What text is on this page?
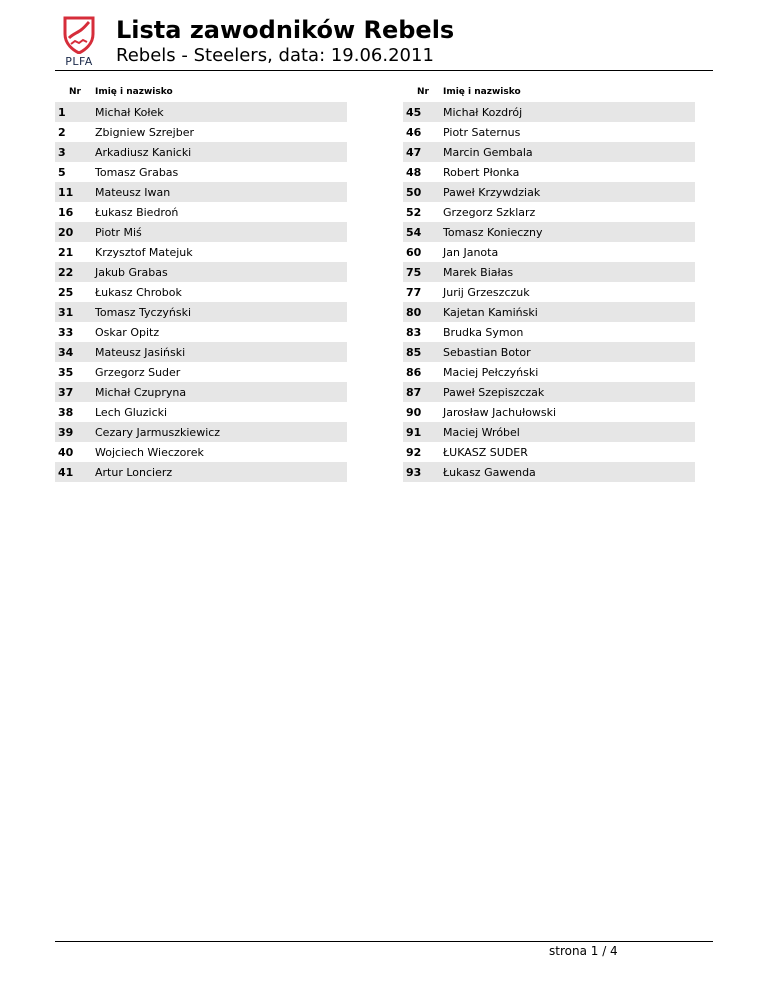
PLFA
Lista zawodników Rebels
Rebels - Steelers, data: 19.06.2011
Nr	Imię i nazwisko
1	Michał Kołek
2	Zbigniew Szrejber
3	Arkadiusz Kanicki
5	Tomasz Grabas
11	Mateusz Iwan
16	Łukasz Biedroń
20	Piotr Miś
21	Krzysztof Matejuk
22	Jakub Grabas
25	Łukasz Chrobok
31	Tomasz Tyczyński
33	Oskar Opitz
34	Mateusz Jasiński
35	Grzegorz Suder
37	Michał Czupryna
38	Lech Gluzicki
39	Cezary Jarmuszkiewicz
40	Wojciech Wieczorek
41	Artur Loncierz
Nr	Imię i nazwisko
45	Michał Kozdrój
46	Piotr Saternus
47	Marcin Gembala
48	Robert Płonka
50	Paweł Krzywdziak
52	Grzegorz Szklarz
54	Tomasz Konieczny
60	Jan Janota
75	Marek Białas
77	Jurij Grzeszczuk
80	Kajetan Kamiński
83	Brudka Symon
85	Sebastian Botor
86	Maciej Pełczyński
87	Paweł Szepiszczak
90	Jarosław Jachułowski
91	Maciej Wróbel
92	ŁUKASZ SUDER
93	Łukasz Gawenda
strona 1 / 4
